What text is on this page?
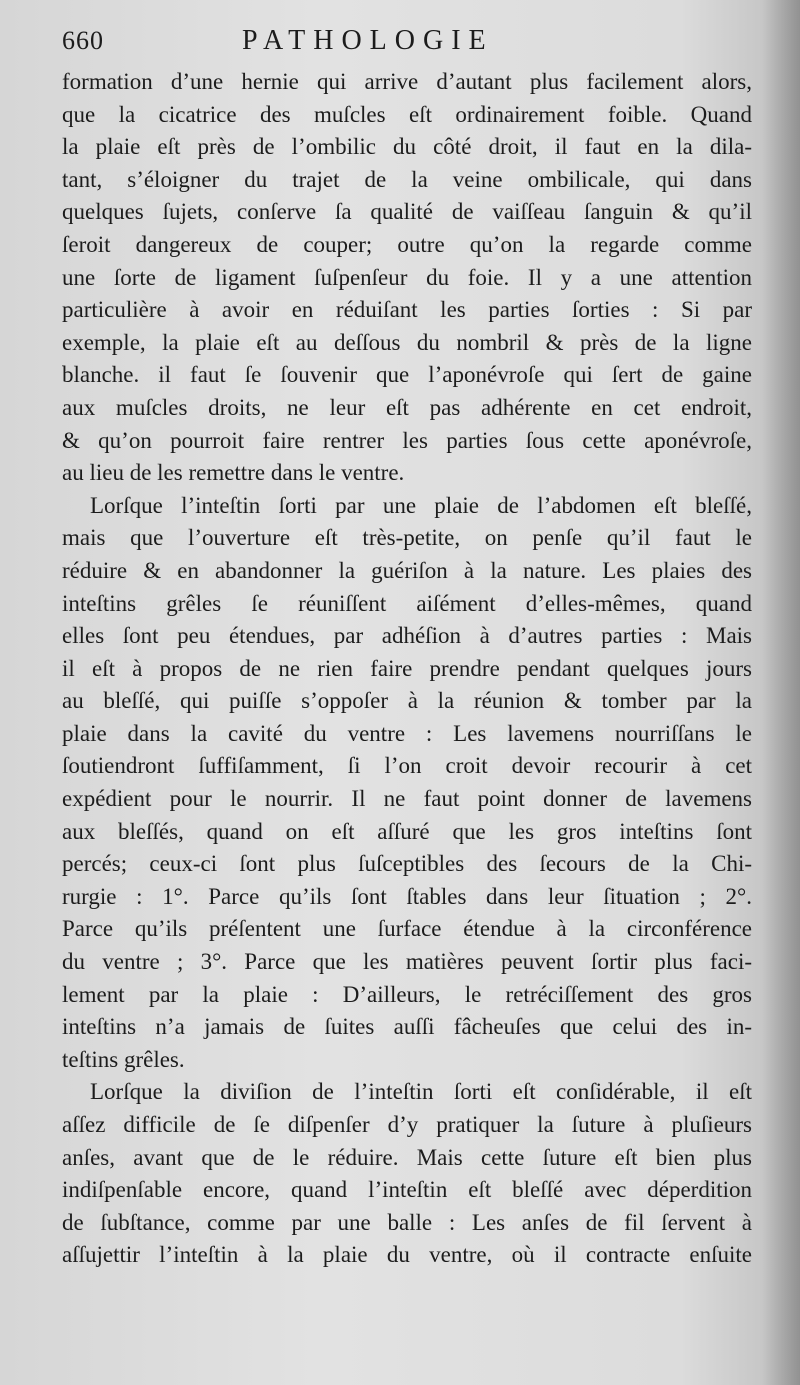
660	PATHOLOGIE
formation d’une hernie qui arrive d’autant plus facilement alors,
que la cicatrice des muſcles eſt ordinairement foible. Quand
la plaie eſt près de l’ombilic du côté droit, il faut en la dila-
tant, s’éloigner du trajet de la veine ombilicale, qui dans
quelques ſujets, conſerve ſa qualité de vaiſſeau ſanguin & qu’il
ſeroit dangereux de couper; outre qu’on la regarde comme
une ſorte de ligament ſuſpenſeur du foie. Il y a une attention
particulière à avoir en réduiſant les parties ſorties : Si par
exemple, la plaie eſt au deſſous du nombril & près de la ligne
blanche. il faut ſe ſouvenir que l’aponévroſe qui ſert de gaine
aux muſcles droits, ne leur eſt pas adhérente en cet endroit,
& qu’on pourroit faire rentrer les parties ſous cette aponévroſe,
au lieu de les remettre dans le ventre.
Lorſque l’inteſtin ſorti par une plaie de l’abdomen eſt bleſſé,
mais que l’ouverture eſt très-petite, on penſe qu’il faut le
réduire & en abandonner la guériſon à la nature. Les plaies des
inteſtins grêles ſe réuniſſent aiſément d’elles-mêmes, quand
elles ſont peu étendues, par adhéſion à d’autres parties : Mais
il eſt à propos de ne rien faire prendre pendant quelques jours
au bleſſé, qui puiſſe s’oppoſer à la réunion & tomber par la
plaie dans la cavité du ventre : Les lavemens nourriſſans le
ſoutiendront ſuffiſamment, ſi l’on croit devoir recourir à cet
expédient pour le nourrir. Il ne faut point donner de lavemens
aux bleſſés, quand on eſt aſſuré que les gros inteſtins ſont
percés; ceux-ci ſont plus ſuſceptibles des ſecours de la Chi-
rurgie : 1°. Parce qu’ils ſont ſtables dans leur ſituation ; 2°.
Parce qu’ils préſentent une ſurface étendue à la circonférence
du ventre ; 3°. Parce que les matières peuvent ſortir plus faci-
lement par la plaie : D’ailleurs, le retréciſſement des gros
inteſtins n’a jamais de ſuites auſſi fâcheuſes que celui des in-
teſtins grêles.
Lorſque la diviſion de l’inteſtin ſorti eſt conſidérable, il eſt
aſſez difficile de ſe diſpenſer d’y pratiquer la ſuture à pluſieurs
anſes, avant que de le réduire. Mais cette ſuture eſt bien plus
indiſpenſable encore, quand l’inteſtin eſt bleſſé avec déperdition
de ſubſtance, comme par une balle : Les anſes de fil ſervent à
aſſujettir l’inteſtin à la plaie du ventre, où il contracte enſuite
